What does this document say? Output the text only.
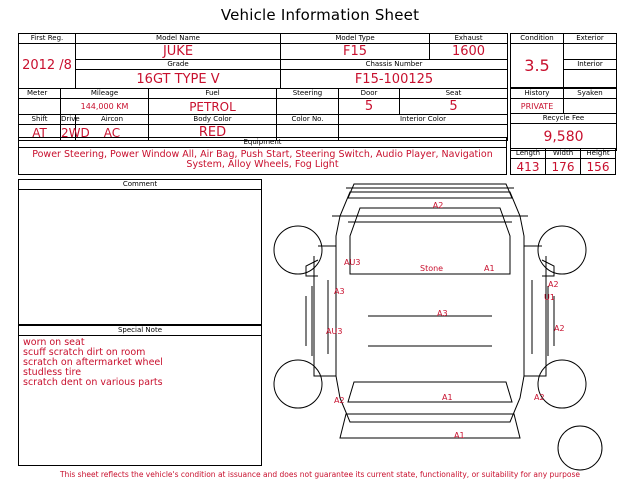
Vehicle Information Sheet
First Reg.	Model Name	Model Type	Exhaust
2012 /8	JUKE	F15	1600
	Grade	Chassis Number	
	16GT TYPE V	F15-100125	
Condition	Exterior
3.5	
	Interior

Meter	Mileage		Fuel	Steering	Door	Seat
	144,000 KM		PETROL		5	5
Shift	Drive	Aircon	Body Color	Color No.	Interior Color	
AT	2WD	AC	RED			
History	Syaken
PRIVATE	
Recycle Fee	
9,580	
Equipment
Power Steering, Power Window All, Air Bag, Push Start, Steering Switch, Audio Player, Navigation System, Alloy Wheels, Fog Light
Length	Width	Height
413	176	156
Comment
Special Note
worn on seat
scuff scratch dirt on room
scratch on aftermarket wheel
studless tire
scratch dent on various parts
A2
AU3
Stone	A1
A3
A2
U1
A3
AU3	A2
A2	A1	A2
A1
This sheet reflects the vehicle's condition at issuance and does not guarantee its current state, functionality, or suitability for any purpose
